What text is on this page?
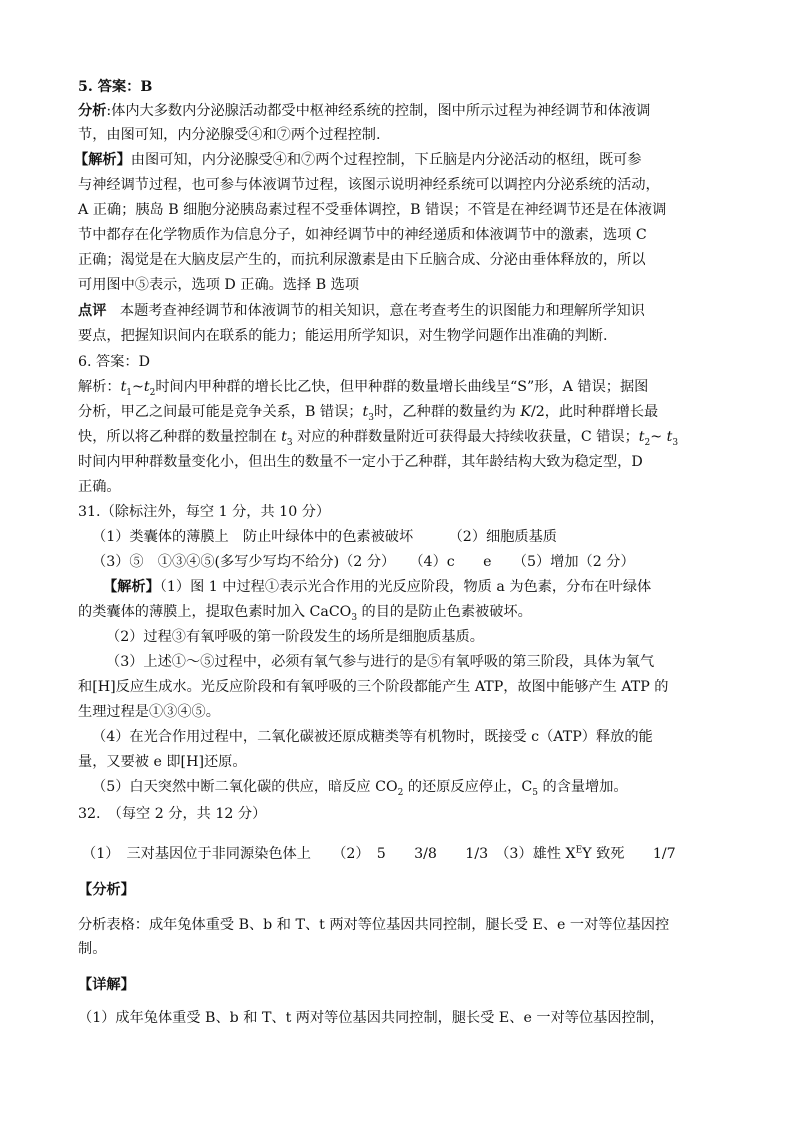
5. 答案：B
分析:体内大多数内分泌腺活动都受中枢神经系统的控制，图中所示过程为神经调节和体液调
节，由图可知，内分泌腺受④和⑦两个过程控制.
【解析】由图可知，内分泌腺受④和⑦两个过程控制，下丘脑是内分泌活动的枢纽，既可参
与神经调节过程，也可参与体液调节过程，该图示说明神经系统可以调控内分泌系统的活动，
A 正确；胰岛 B 细胞分泌胰岛素过程不受垂体调控，B 错误；不管是在神经调节还是在体液调
节中都存在化学物质作为信息分子，如神经调节中的神经递质和体液调节中的激素，选项 C
正确；渴觉是在大脑皮层产生的，而抗利尿激素是由下丘脑合成、分泌由垂体释放的，所以
可用图中⑤表示，选项 D 正确。选择 B 选项
点评 本题考查神经调节和体液调节的相关知识，意在考查考生的识图能力和理解所学知识
要点，把握知识间内在联系的能力；能运用所学知识，对生物学问题作出准确的判断.
6. 答案：D
解析：$t_1\sim t_2$时间内甲种群的增长比乙快，但甲种群的数量增长曲线呈“S”形，A 错误；据图
分析，甲乙之间最可能是竞争关系，B 错误；$t_3$时，乙种群的数量约为 K/2，此时种群增长最
快，所以将乙种群的数量控制在 $t_3$ 对应的种群数量附近可获得最大持续收获量，C 错误；$t_2\sim$ $t_3$
时间内甲种群数量变化小，但出生的数量不一定小于乙种群，其年龄结构大致为稳定型，D
正确。
31.（除标注外，每空 1 分，共 10 分）
（1）类囊体的薄膜上　防止叶绿体中的色素被破坏　　　（2）细胞质基质
（3）⑤　①③④⑤(多写少写均不给分)（2 分）　　（4）c　　e　　（5）增加（2 分）
【解析】（1）图 1 中过程①表示光合作用的光反应阶段，物质 a 为色素，分布在叶绿体
的类囊体的薄膜上，提取色素时加入 CaCO$_3$ 的目的是防止色素被破坏。
（2）过程③有氧呼吸的第一阶段发生的场所是细胞质基质。
（3）上述①～⑤过程中，必须有氧气参与进行的是⑤有氧呼吸的第三阶段，具体为氧气
和[H]反应生成水。光反应阶段和有氧呼吸的三个阶段都能产生 ATP，故图中能够产生 ATP 的
生理过程是①③④⑤。
（4）在光合作用过程中，二氧化碳被还原成糖类等有机物时，既接受 c（ATP）释放的能
量，又要被 e 即[H]还原。
（5）白天突然中断二氧化碳的供应，暗反应 $CO_2$ 的还原反应停止，$C_5$ 的含量增加。
32.　（每空 2 分，共 12 分）
（1）　三对基因位于非同源染色体上　　（2）　5　　3/8　　1/3　（3）雄性 $X^EY$ 致死　　1/7
【分析】
分析表格：成年兔体重受 B、b 和 T、t 两对等位基因共同控制，腿长受 E、e 一对等位基因控
制。
【详解】
（1）成年兔体重受 B、b 和 T、t 两对等位基因共同控制，腿长受 E、e 一对等位基因控制，
